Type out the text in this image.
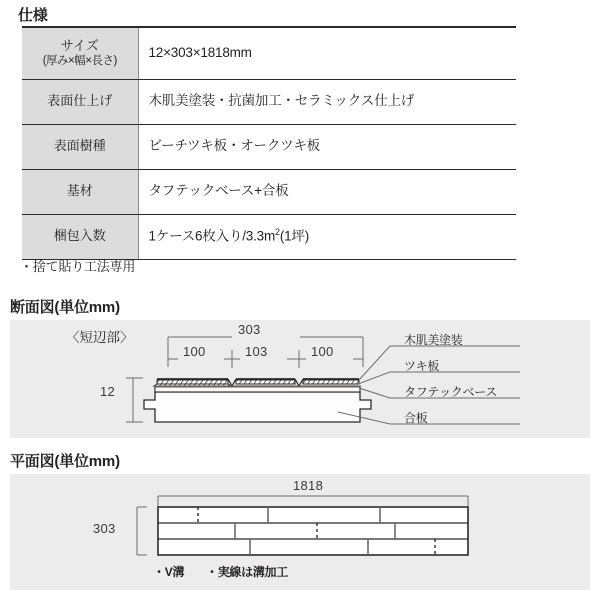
仕様
サイズ
(厚み×幅×長さ)	12×303×1818mm
表面仕上げ	木肌美塗装・抗菌加工・セラミックス仕上げ
表面樹種	ビーチツキ板・オークツキ板
基材	タフテックベース+合板
梱包入数	1ケース6枚入り$/3.3m^2(1$坪)
・捨て貼り工法専用
断面図(単位mm)
〈短辺部〉
303
100	103	100
12
木肌美塗装
ツキ板
タフテックベース
合板
平面図(単位mm)
1818
303
・V溝 ・実線は溝加工
